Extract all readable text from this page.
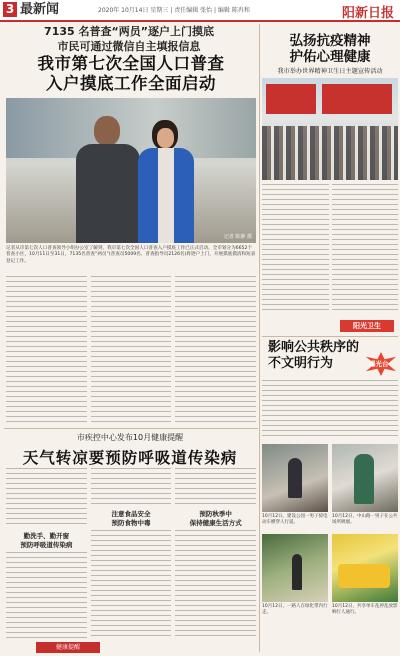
3 最新闻	2020年 10月14日 星期三 | 责任编辑 张怡 | 编辑 陈冉和	阳新日报
7135 名普查“两员”逐户上门摸底
市民可通过微信自主填报信息
我市第七次全国人口普查
入户摸底工作全面启动
记者 陈静 摄
记者从市第七次人口普查领导小组办公室了解到，我市第七次全国人口普查入户摸底工作已正式启动。全市划分为6652个普查小区，10月11日至31日，7135名普查“两员”(普查员5009名、普查指导员2126名)将逐户上门，开展摸底摸清和短表登记工作。
市疾控中心发布10月健康提醒
天气转凉要预防呼吸道传染病
勤洗手、勤开窗
预防呼吸道传染病
注意食品安全
预防食物中毒
预防秋季中
保持健康生活方式
健康提醒
弘扬抗疫精神
护佑心理健康
我市举办世界精神卫生日主题宣传活动
阳光卫生
影响公共秩序的
不文明行为	曝光台
10月12日，建设公园一男子骑电动车横穿人行道。
10月12日，中山路一男子在公共场所吸烟。
10月12日，一路人在绿化带内行走。
10月12日，共享单车乱停乱放影响行人通行。
